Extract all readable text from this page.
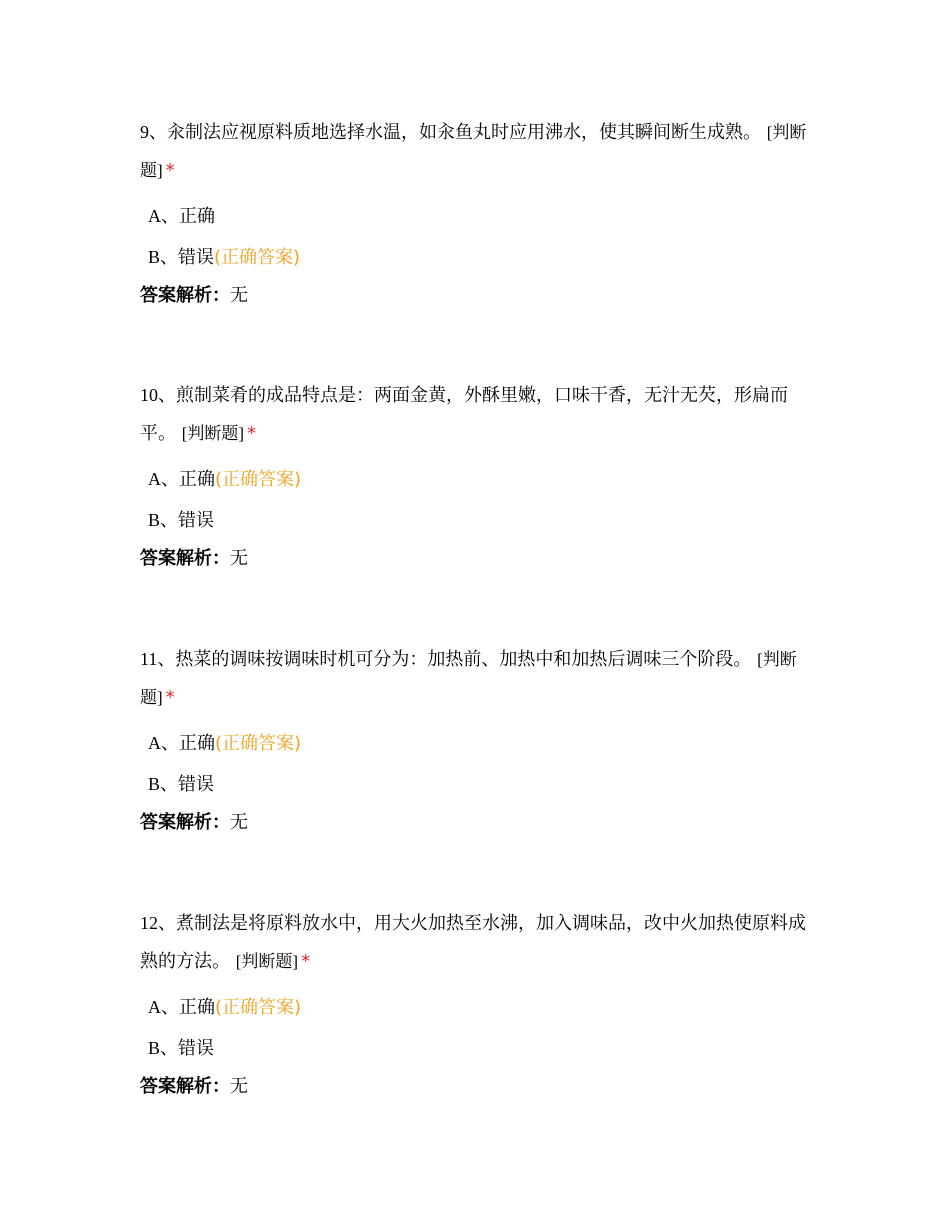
9、汆制法应视原料质地选择水温，如汆鱼丸时应用沸水，使其瞬间断生成熟。 [判断题] *

A、正确
B、错误(正确答案)
答案解析：无

10、煎制菜肴的成品特点是：两面金黄，外酥里嫩，口味干香，无汁无芡，形扁而平。 [判断题] *

A、正确(正确答案)
B、错误
答案解析：无

11、热菜的调味按调味时机可分为：加热前、加热中和加热后调味三个阶段。 [判断题] *

A、正确(正确答案)
B、错误
答案解析：无

12、煮制法是将原料放水中，用大火加热至水沸，加入调味品，改中火加热使原料成熟的方法。 [判断题] *

A、正确(正确答案)
B、错误
答案解析：无
